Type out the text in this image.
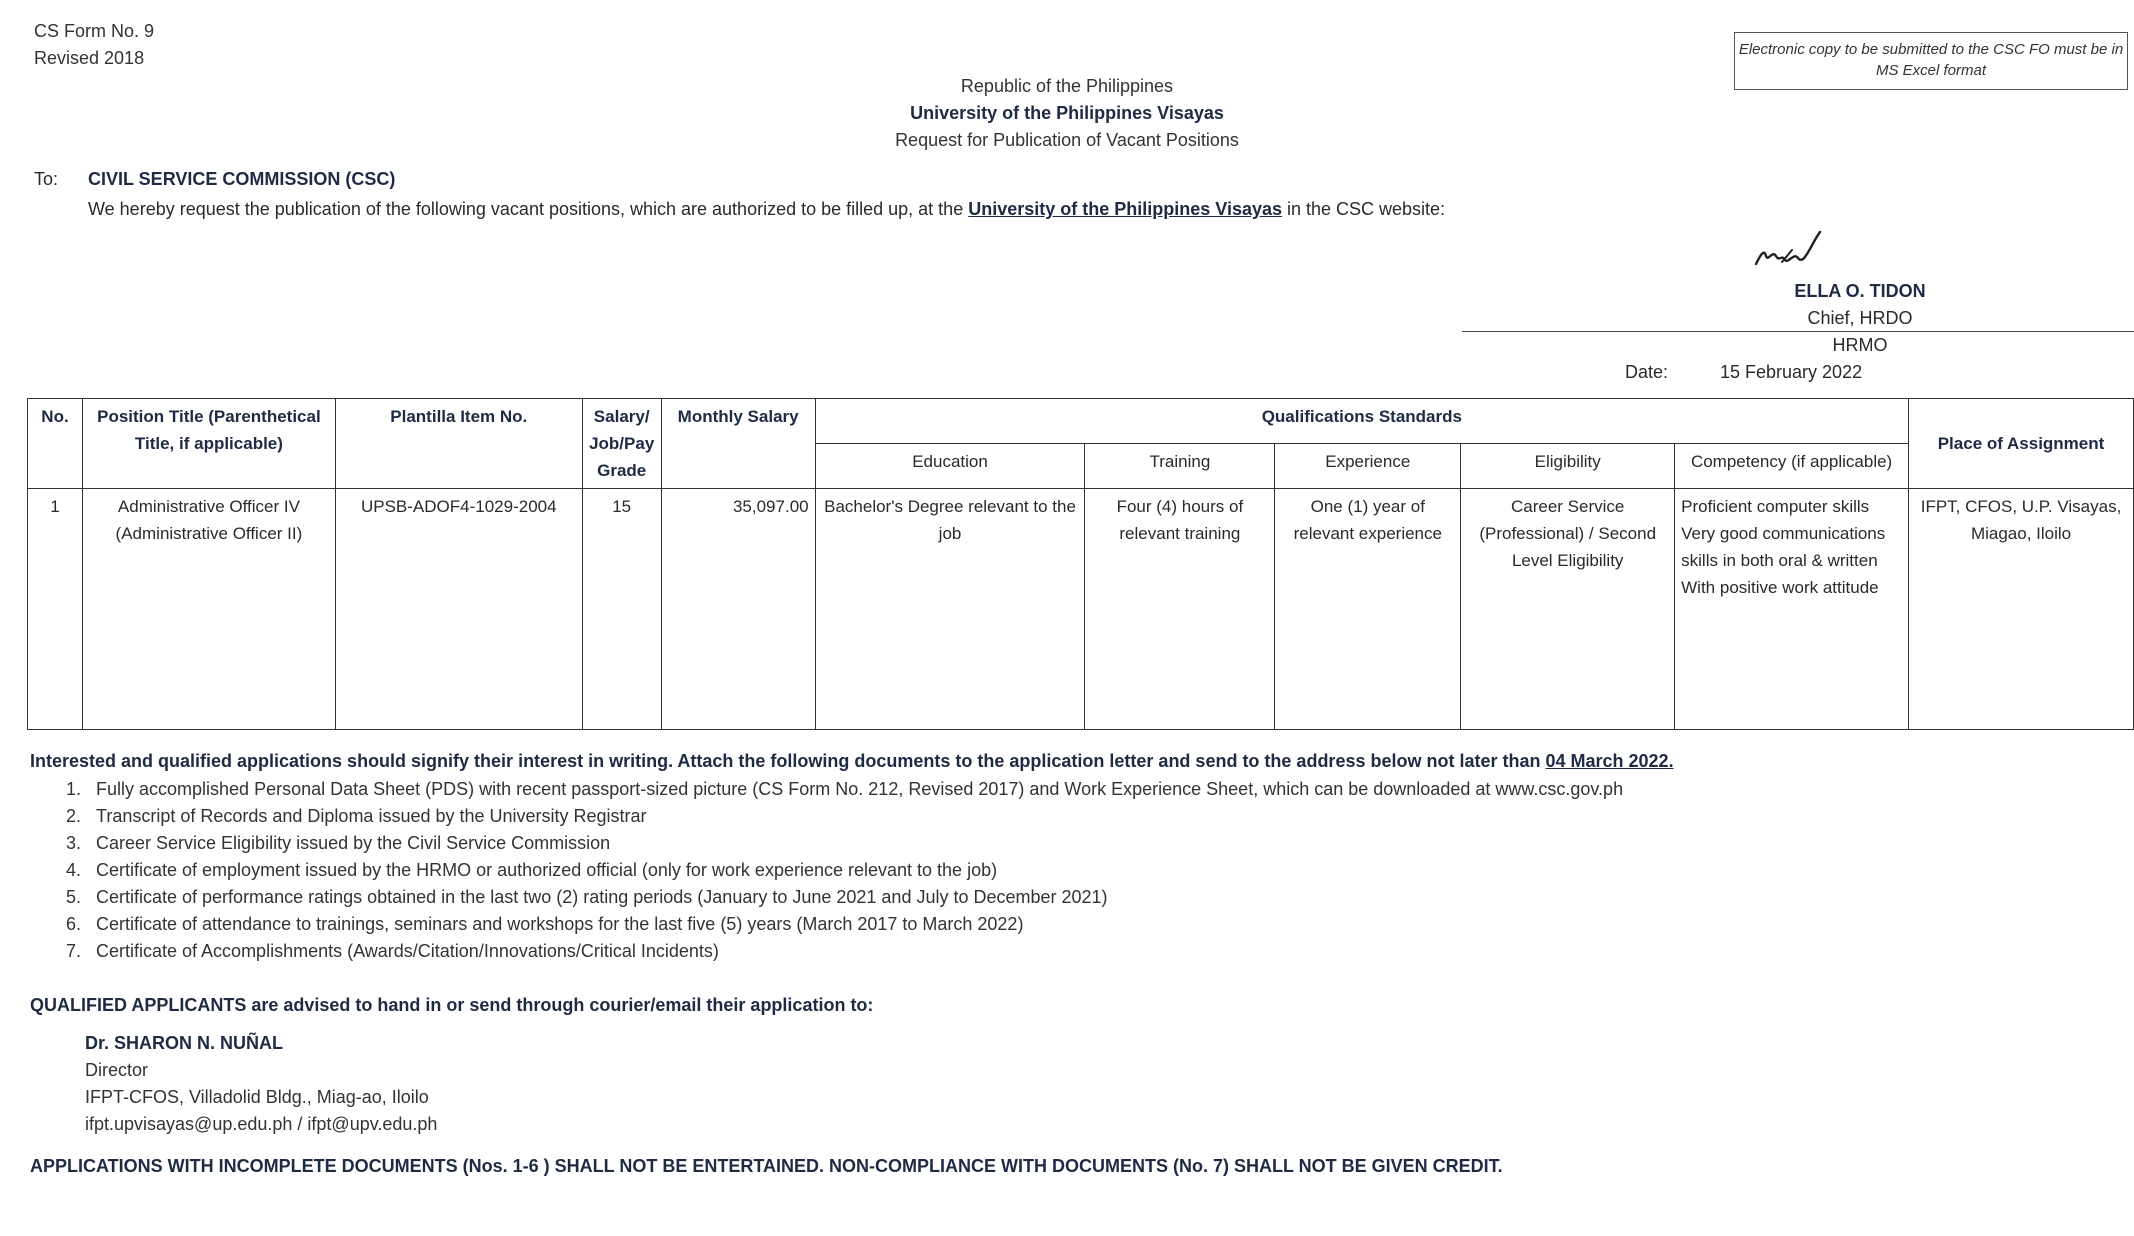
CS Form No. 9
Revised 2018	Electronic copy to be submitted to the CSC FO must be in MS Excel format
Republic of the Philippines
University of the Philippines Visayas
Request for Publication of Vacant Positions
To: CIVIL SERVICE COMMISSION (CSC)
We hereby request the publication of the following vacant positions, which are authorized to be filled up, at the University of the Philippines Visayas in the CSC website:
ELLA O. TIDON
Chief, HRDO
HRMO
Date:	15 February 2022
No.	Position Title (Parenthetical Title, if applicable)	Plantilla Item No.	Salary/ Job/Pay Grade	Monthly Salary	Qualifications Standards					Place of Assignment
					Education	Training	Experience	Eligibility	Competency (if applicable)	
1	Administrative Officer IV (Administrative Officer II)	UPSB-ADOF4-1029-2004	15	35,097.00	Bachelor's Degree relevant to the job	Four (4) hours of relevant training	One (1) year of relevant experience	Career Service (Professional) / Second Level Eligibility	Proficient computer skills
Very good communications skills in both oral & written
With positive work attitude	IFPT, CFOS, U.P. Visayas, Miagao, Iloilo
Interested and qualified applications should signify their interest in writing. Attach the following documents to the application letter and send to the address below not later than 04 March 2022.
1. Fully accomplished Personal Data Sheet (PDS) with recent passport-sized picture (CS Form No. 212, Revised 2017) and Work Experience Sheet, which can be downloaded at www.csc.gov.ph
2. Transcript of Records and Diploma issued by the University Registrar
3. Career Service Eligibility issued by the Civil Service Commission
4. Certificate of employment issued by the HRMO or authorized official (only for work experience relevant to the job)
5. Certificate of performance ratings obtained in the last two (2) rating periods (January to June 2021 and July to December 2021)
6. Certificate of attendance to trainings, seminars and workshops for the last five (5) years (March 2017 to March 2022)
7. Certificate of Accomplishments (Awards/Citation/Innovations/Critical Incidents)
QUALIFIED APPLICANTS are advised to hand in or send through courier/email their application to:
Dr. SHARON N. NUÑAL
Director
IFPT-CFOS, Villadolid Bldg., Miag-ao, Iloilo
ifpt.upvisayas@up.edu.ph / ifpt@upv.edu.ph
APPLICATIONS WITH INCOMPLETE DOCUMENTS (Nos. 1-6 ) SHALL NOT BE ENTERTAINED. NON-COMPLIANCE WITH DOCUMENTS (No. 7) SHALL NOT BE GIVEN CREDIT.
